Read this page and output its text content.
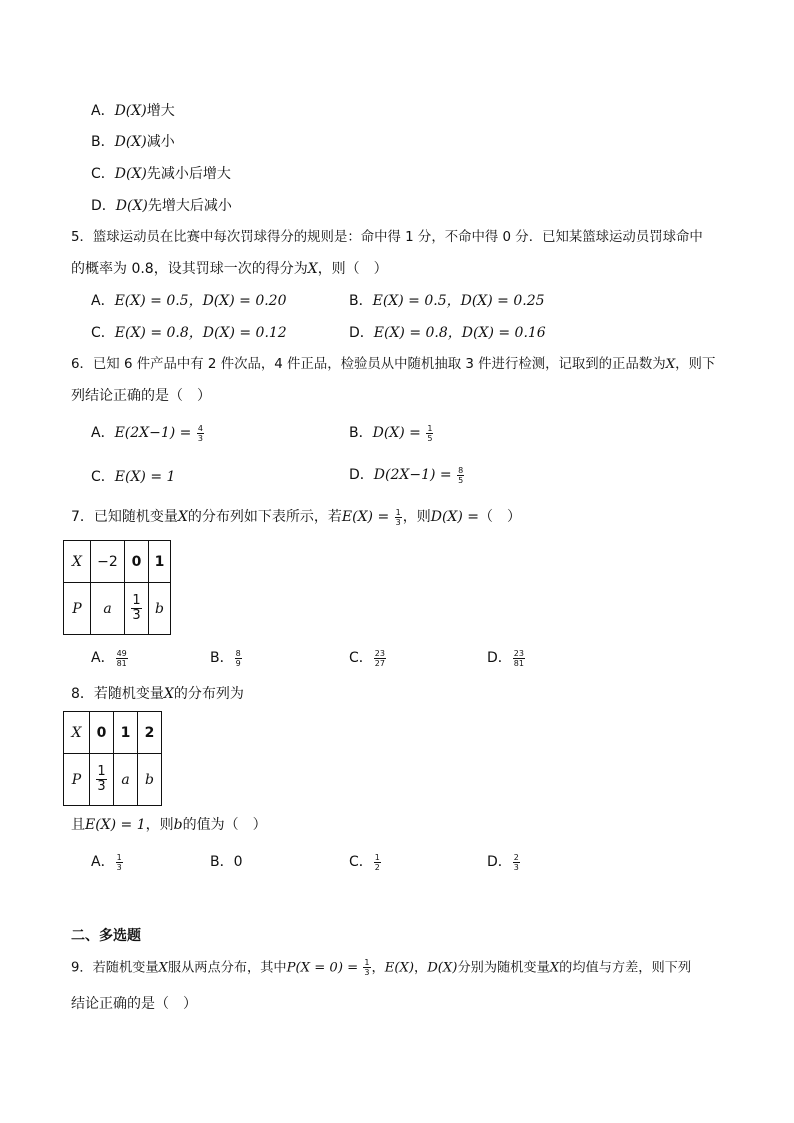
A．D(X)增大
B．D(X)减小
C．D(X)先减小后增大
D．D(X)先增大后减小
5．篮球运动员在比赛中每次罚球得分的规则是：命中得 1 分，不命中得 0 分．已知某篮球运动员罚球命中
的概率为 0.8，设其罚球一次的得分为X，则（　）
A．E(X) = 0.5，D(X) = 0.20	B．E(X) = 0.5，D(X) = 0.25
C．E(X) = 0.8，D(X) = 0.12	D．E(X) = 0.8，D(X) = 0.16
6．已知 6 件产品中有 2 件次品，4 件正品，检验员从中随机抽取 3 件进行检测，记取到的正品数为X，则下
列结论正确的是（　）
A．$E(2X-1) = \frac{4}{3}$	B．$D(X) = \frac{1}{5}$
C．E(X) = 1	D．$D(2X-1) = \frac{8}{5}$
7．已知随机变量X的分布列如下表所示，若$E(X) = \frac{1}{3}$ ，则D(X) =（　）
X	−2	0	1
P	a	$\frac{1}{3}$	b
A． $\frac{49}{81}$	B． $\frac{8}{9}$	C． $\frac{23}{27}$	D． $\frac{23}{81}$
8．若随机变量X的分布列为
X	0	1	2
P	$\frac{1}{3}$	a	b
且E(X) = 1，则b的值为（　）
A． $\frac{1}{3}$	B．0	C． $\frac{1}{2}$	D． $\frac{2}{3}$
二、多选题
9．若随机变量X服从两点分布，其中$P(X = 0) = \frac{1}{3}$ ，E(X)，D(X)分别为随机变量X的均值与方差，则下列
结论正确的是（　）
